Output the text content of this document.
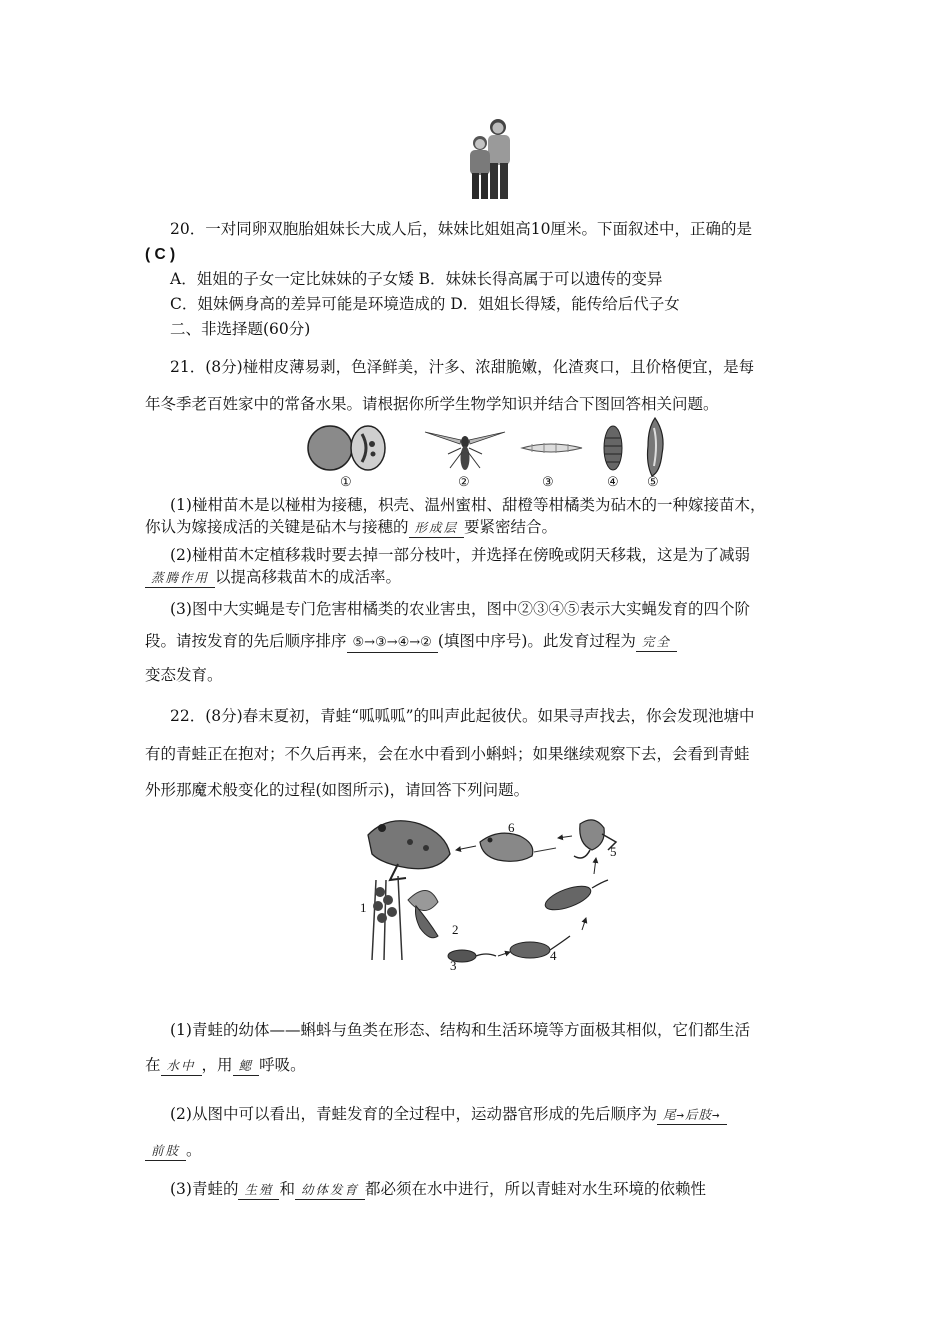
20．一对同卵双胞胎姐妹长大成人后，妹妹比姐姐高10厘米。下面叙述中，正确的是
( C )
A．姐姐的子女一定比妹妹的子女矮 B．妹妹长得高属于可以遗传的变异
C．姐妹俩身高的差异可能是环境造成的 D．姐姐长得矮，能传给后代子女
二、非选择题(60分)
21．(8分)椪柑皮薄易剥，色泽鲜美，汁多、浓甜脆嫩，化渣爽口，且价格便宜，是每
年冬季老百姓家中的常备水果。请根据你所学生物学知识并结合下图回答相关问题。
①	②	③	④ ⑤
(1)椪柑苗木是以椪柑为接穗，枳壳、温州蜜柑、甜橙等柑橘类为砧木的一种嫁接苗木，
你认为嫁接成活的关键是砧木与接穗的 形成层 要紧密结合。
(2)椪柑苗木定植移栽时要去掉一部分枝叶，并选择在傍晚或阴天移栽，这是为了减弱
蒸腾作用 以提高移栽苗木的成活率。
(3)图中大实蝇是专门危害柑橘类的农业害虫，图中②③④⑤表示大实蝇发育的四个阶
段。请按发育的先后顺序排序 ⑤→③→④→② (填图中序号)。此发育过程为 完全
变态发育。
22．(8分)春末夏初，青蛙“呱呱呱”的叫声此起彼伏。如果寻声找去，你会发现池塘中
有的青蛙正在抱对；不久后再来，会在水中看到小蝌蚪；如果继续观察下去，会看到青蛙
外形那魔术般变化的过程(如图所示)，请回答下列问题。
1
2
3
4
5
6
(1)青蛙的幼体——蝌蚪与鱼类在形态、结构和生活环境等方面极其相似，它们都生活
在 水中 ，用 鳃 呼吸。
(2)从图中可以看出，青蛙发育的全过程中，运动器官形成的先后顺序为 尾→后肢→
前肢 。
(3)青蛙的 生殖 和 幼体发育 都必须在水中进行，所以青蛙对水生环境的依赖性
